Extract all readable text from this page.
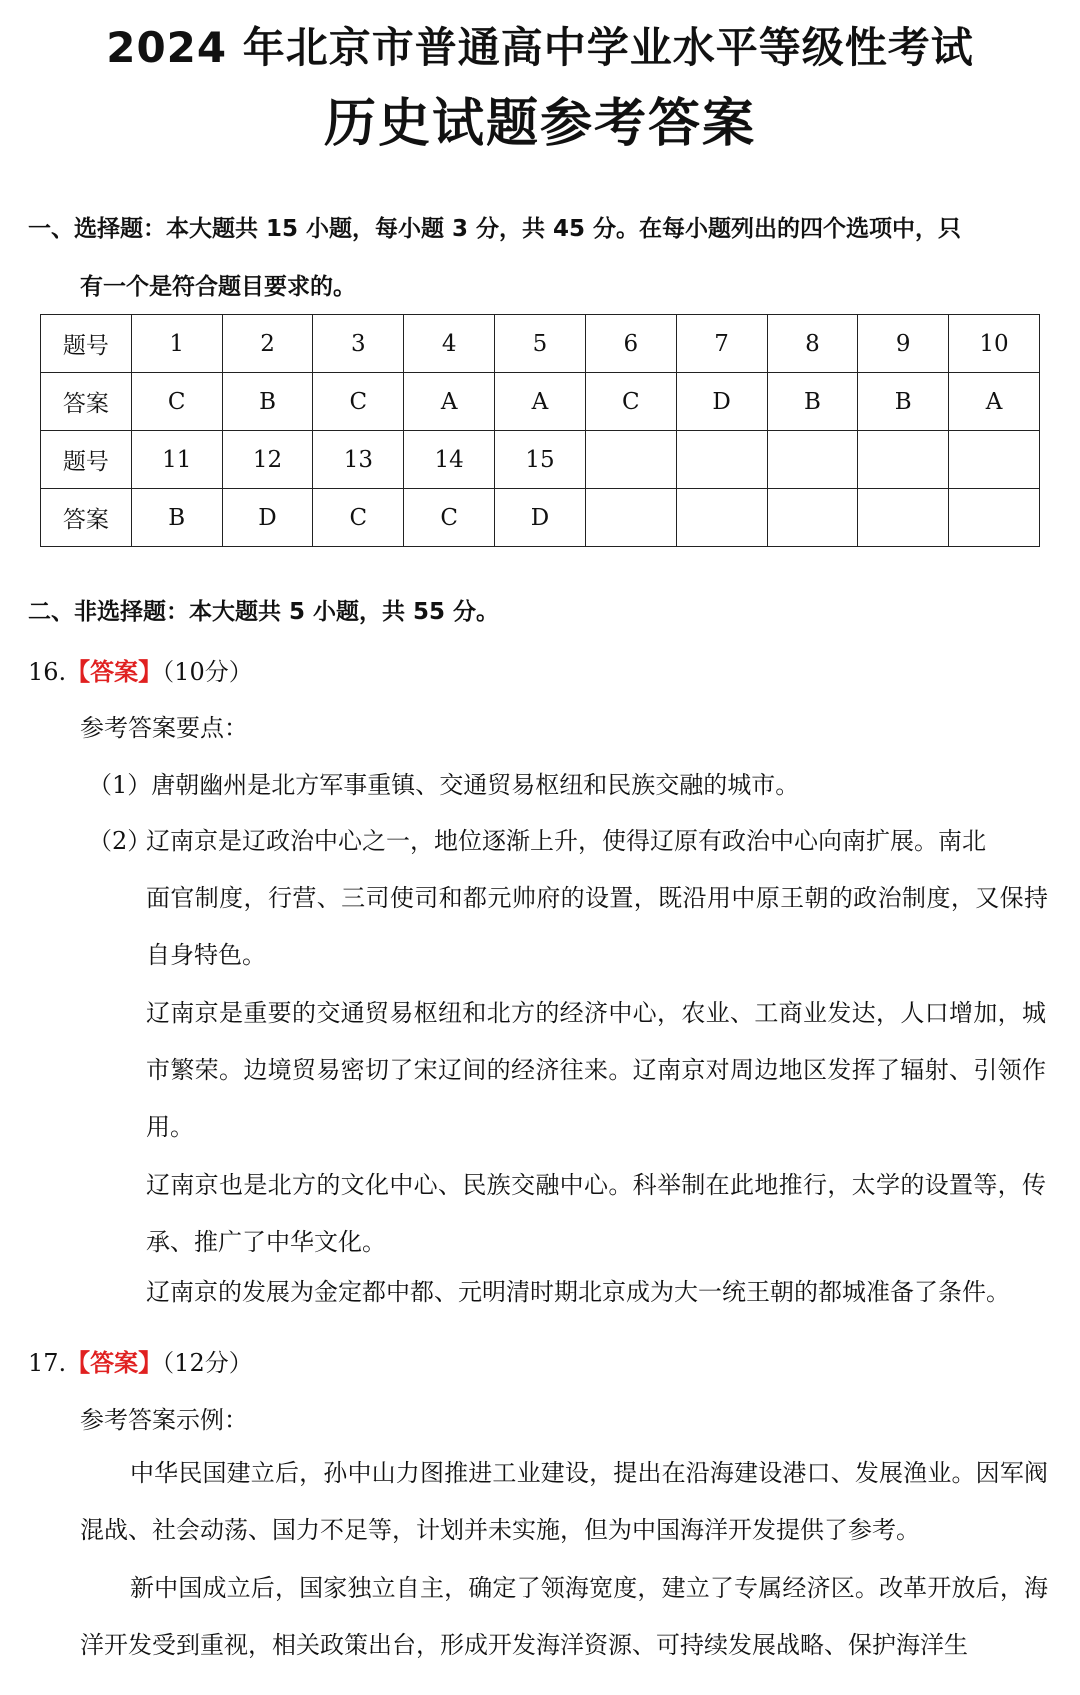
2024 年北京市普通高中学业水平等级性考试
历史试题参考答案

一、选择题：本大题共 15 小题，每小题 3 分，共 45 分。在每小题列出的四个选项中，只
有一个是符合题目要求的。

题号	1	2	3	4	5	6	7	8	9	10
答案	C	B	C	A	A	C	D	B	B	A
题号	11	12	13	14	15					
答案	B	D	C	C	D					

二、非选择题：本大题共 5 小题，共 55 分。

16.【答案】（10分）

参考答案要点：

（1）唐朝幽州是北方军事重镇、交通贸易枢纽和民族交融的城市。

（2）辽南京是辽政治中心之一，地位逐渐上升，使得辽原有政治中心向南扩展。南北
面官制度，行营、三司使司和都元帅府的设置，既沿用中原王朝的政治制度，又保持自身特色。

辽南京是重要的交通贸易枢纽和北方的经济中心，农业、工商业发达，人口增加，城市繁荣。边境贸易密切了宋辽间的经济往来。辽南京对周边地区发挥了辐射、引领作用。

辽南京也是北方的文化中心、民族交融中心。科举制在此地推行，太学的设置等，传承、推广了中华文化。

辽南京的发展为金定都中都、元明清时期北京成为大一统王朝的都城准备了条件。

17.【答案】（12分）

参考答案示例：

中华民国建立后，孙中山力图推进工业建设，提出在沿海建设港口、发展渔业。因军阀混战、社会动荡、国力不足等，计划并未实施，但为中国海洋开发提供了参考。

新中国成立后，国家独立自主，确定了领海宽度，建立了专属经济区。改革开放后，海洋开发受到重视，相关政策出台，形成开发海洋资源、可持续发展战略、保护海洋生
